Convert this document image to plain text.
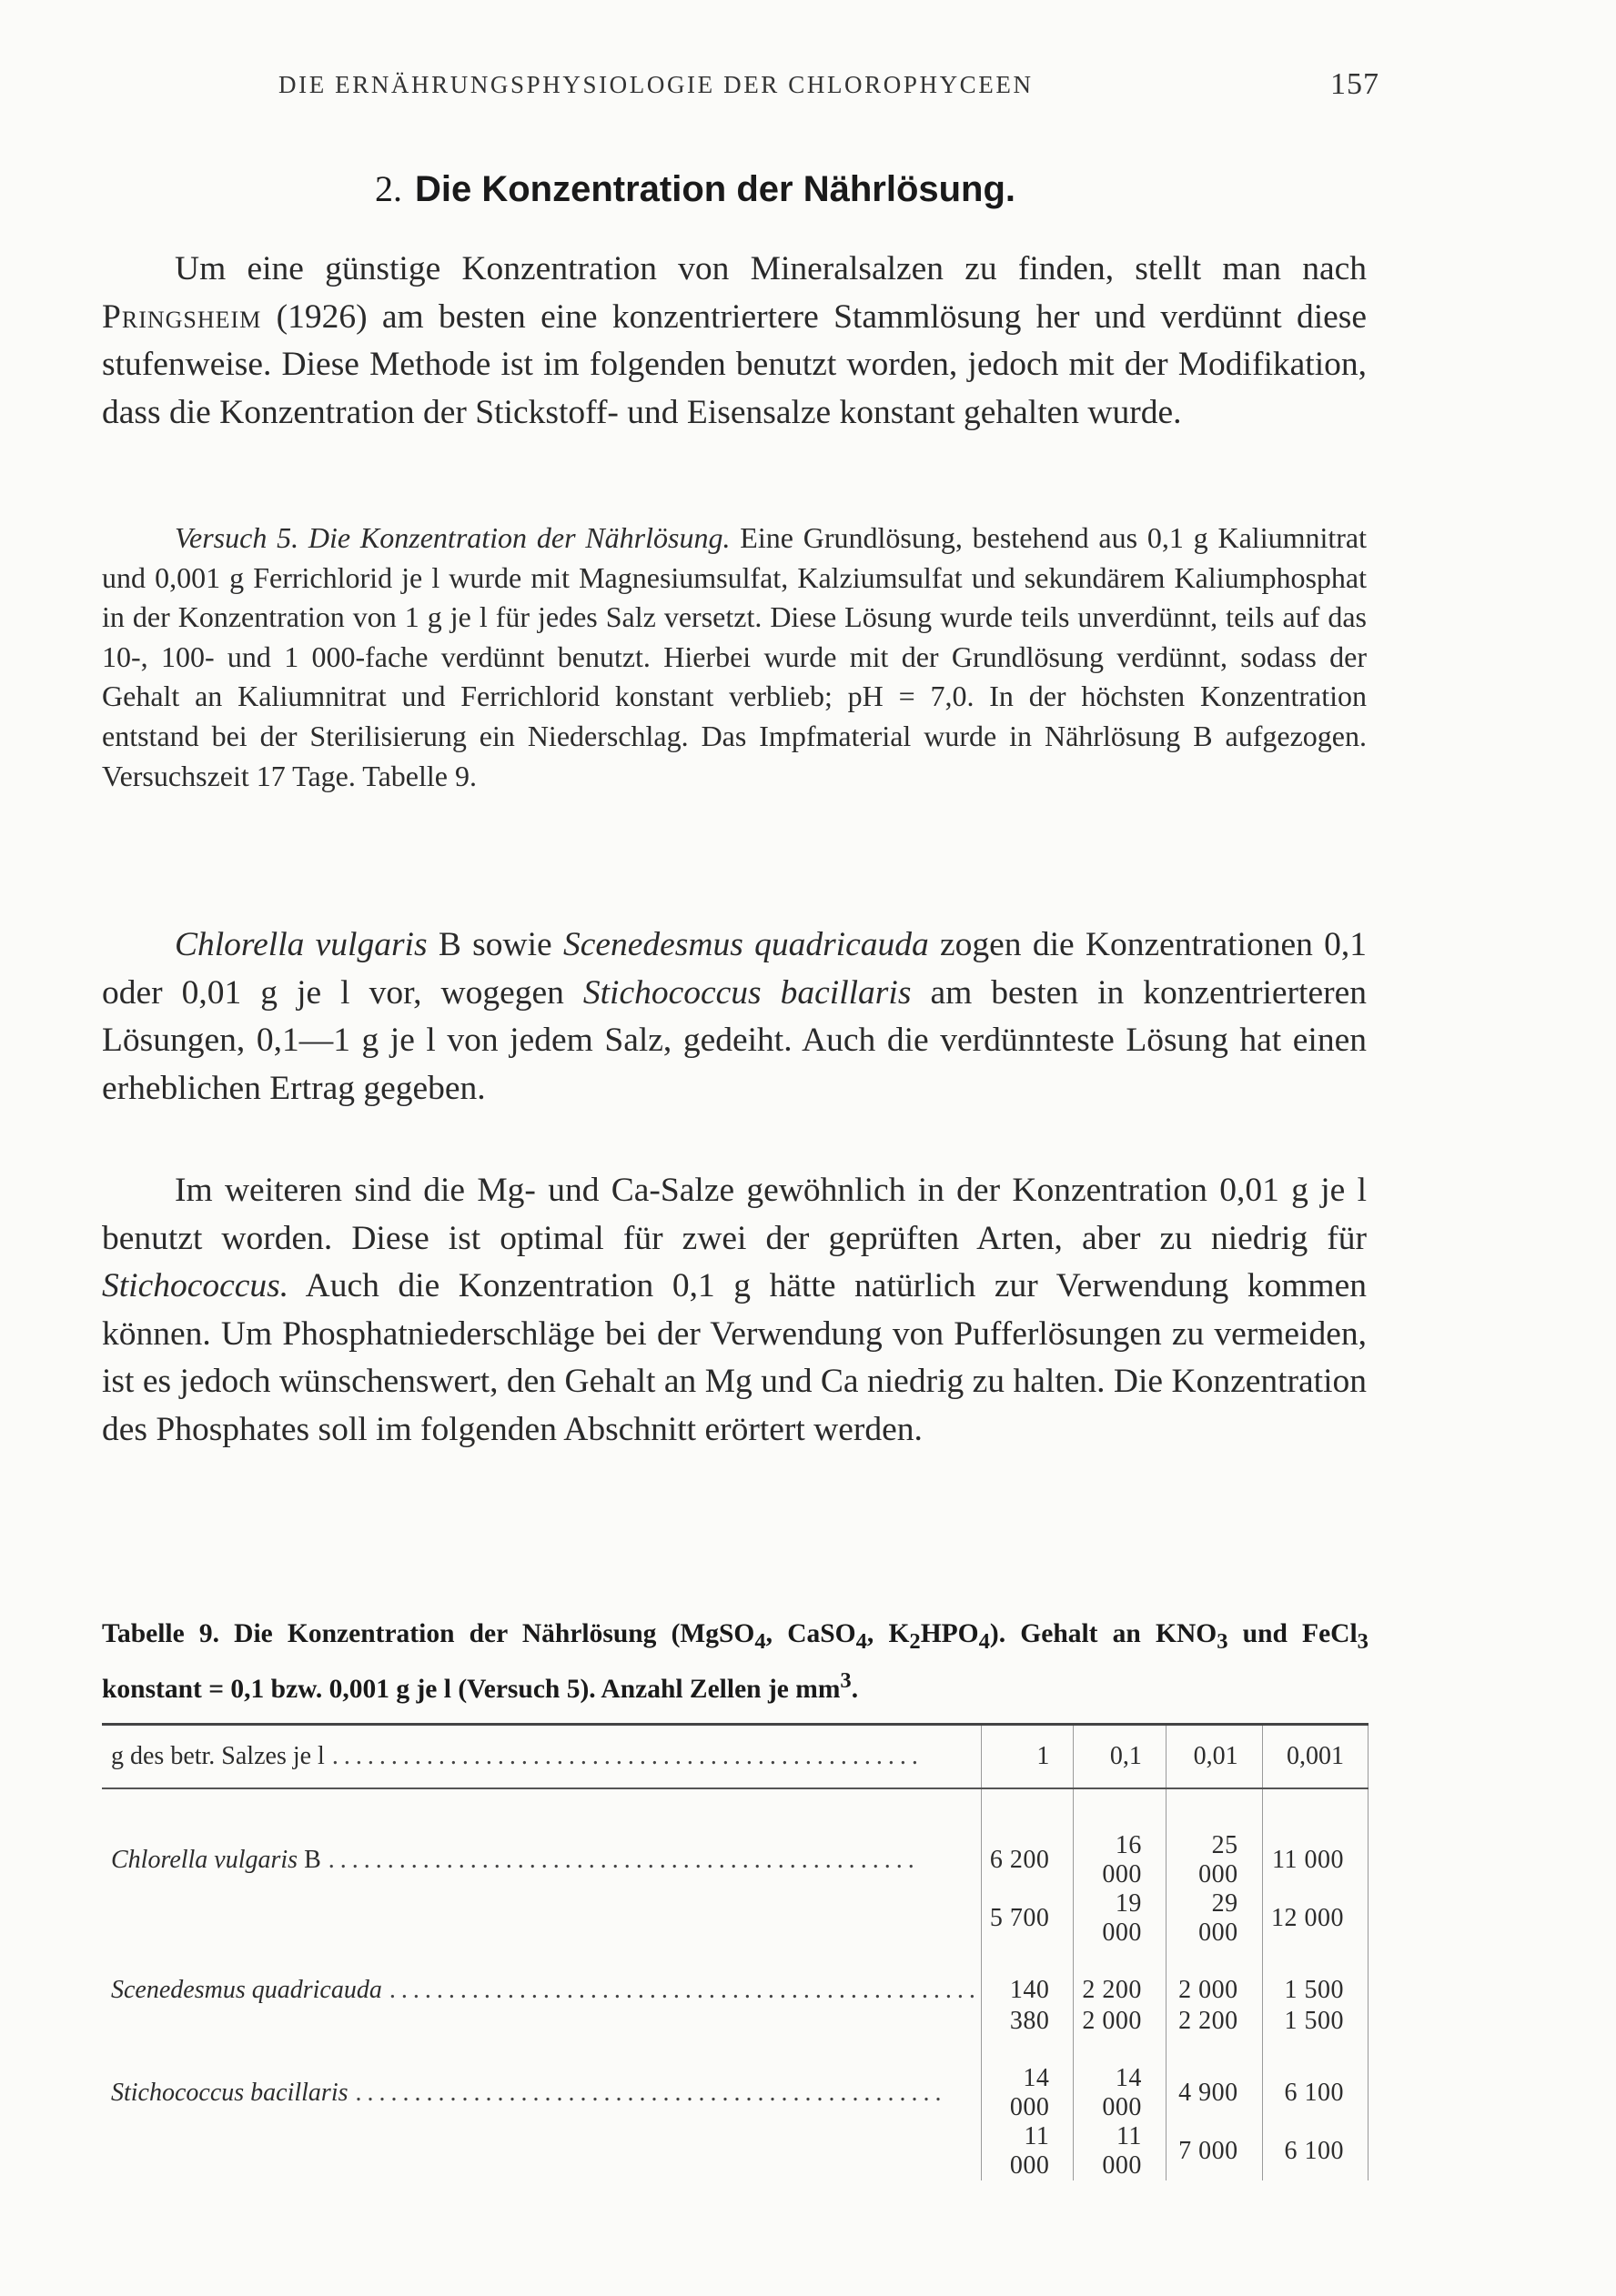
DIE ERNÄHRUNGSPHYSIOLOGIE DER CHLOROPHYCEEN	157
2. Die Konzentration der Nährlösung.

Um eine günstige Konzentration von Mineralsalzen zu finden, stellt man nach Pringsheim (1926) am besten eine konzentriertere Stammlösung her und verdünnt diese stufenweise. Diese Methode ist im folgenden benutzt worden, jedoch mit der Modifikation, dass die Konzentration der Stickstoff- und Eisensalze konstant gehalten wurde.

Versuch 5. Die Konzentration der Nährlösung. Eine Grundlösung, bestehend aus 0,1 g Kaliumnitrat und 0,001 g Ferrichlorid je l wurde mit Magnesiumsulfat, Kalziumsulfat und sekundärem Kaliumphosphat in der Konzentration von 1 g je l für jedes Salz versetzt. Diese Lösung wurde teils unverdünnt, teils auf das 10-, 100- und 1 000-fache verdünnt benutzt. Hierbei wurde mit der Grundlösung verdünnt, sodass der Gehalt an Kaliumnitrat und Ferrichlorid konstant verblieb; pH = 7,0. In der höchsten Konzentration entstand bei der Sterilisierung ein Niederschlag. Das Impfmaterial wurde in Nährlösung B aufgezogen. Versuchszeit 17 Tage. Tabelle 9.

Chlorella vulgaris B sowie Scenedesmus quadricauda zogen die Konzentrationen 0,1 oder 0,01 g je l vor, wogegen Stichococcus bacillaris am besten in konzentrierteren Lösungen, 0,1—1 g je l von jedem Salz, gedeiht. Auch die verdünnteste Lösung hat einen erheblichen Ertrag gegeben.

Im weiteren sind die Mg- und Ca-Salze gewöhnlich in der Konzentration 0,01 g je l benutzt worden. Diese ist optimal für zwei der geprüften Arten, aber zu niedrig für Stichococcus. Auch die Konzentration 0,1 g hätte natürlich zur Verwendung kommen können. Um Phosphatniederschläge bei der Verwendung von Pufferlösungen zu vermeiden, ist es jedoch wünschenswert, den Gehalt an Mg und Ca niedrig zu halten. Die Konzentration des Phosphates soll im folgenden Abschnitt erörtert werden.

Tabelle 9. Die Konzentration der Nährlösung (MgSO$_4$, CaSO$_4$, $K_2HPO_4$). Gehalt an $KNO_3$ und FeCl$_3$ konstant = 0,1 bzw. 0,001 g je l (Versuch 5). Anzahl Zellen je $mm^3$.
g des betr. Salzes je l ..................................................	1	0,1	0,01	0,001

Chlorella vulgaris B ..................................................	6 200	16 000	25 000	11 000
	5 700	19 000	29 000	12 000

Scenedesmus quadricauda ..................................................	140	2 200	2 000	1 500
	380	2 000	2 200	1 500

Stichococcus bacillaris ..................................................	14 000	14 000	4 900	6 100
	11 000	11 000	7 000	6 100
